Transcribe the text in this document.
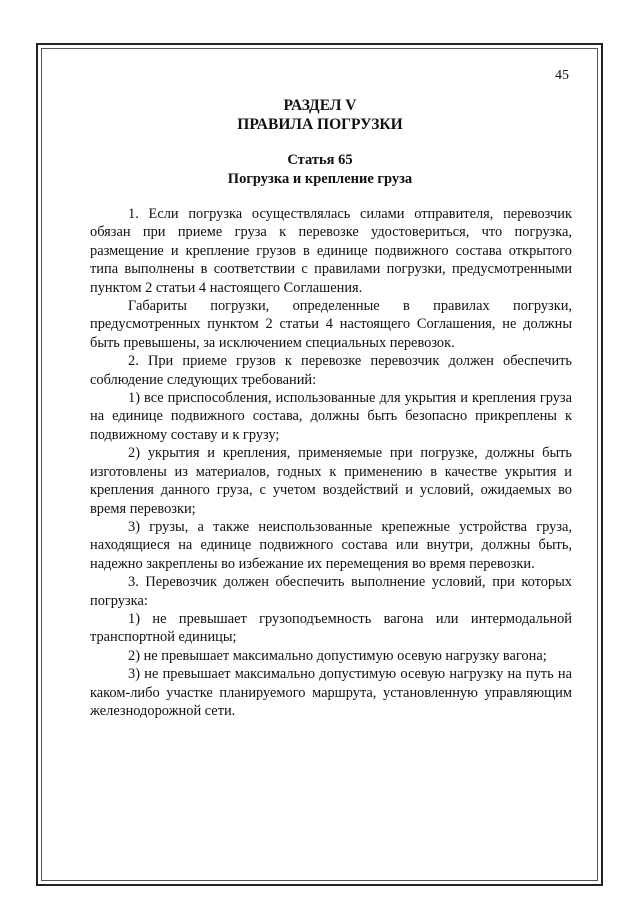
45
РАЗДЕЛ V
ПРАВИЛА ПОГРУЗКИ
Статья 65
Погрузка и крепление груза

1. Если погрузка осуществлялась силами отправителя, перевозчик обязан при приеме груза к перевозке удостовериться, что погрузка, размещение и крепление грузов в единице подвижного состава открытого типа выполнены в соответствии с правилами погрузки, предусмотренными пунктом 2 статьи 4 настоящего Соглашения.

Габариты погрузки, определенные в правилах погрузки, предусмотренных пунктом 2 статьи 4 настоящего Соглашения, не должны быть превышены, за исключением специальных перевозок.

2. При приеме грузов к перевозке перевозчик должен обеспечить соблюдение следующих требований:

1) все приспособления, использованные для укрытия и крепления груза на единице подвижного состава, должны быть безопасно прикреплены к подвижному составу и к грузу;

2) укрытия и крепления, применяемые при погрузке, должны быть изготовлены из материалов, годных к применению в качестве укрытия и крепления данного груза, с учетом воздействий и условий, ожидаемых во время перевозки;

3) грузы, а также неиспользованные крепежные устройства груза, находящиеся на единице подвижного состава или внутри, должны быть, надежно закреплены во избежание их перемещения во время перевозки.

3. Перевозчик должен обеспечить выполнение условий, при которых погрузка:

1) не превышает грузоподъемность вагона или интермодальной транспортной единицы;

2) не превышает максимально допустимую осевую нагрузку вагона;

3) не превышает максимально допустимую осевую нагрузку на путь на каком-либо участке планируемого маршрута, установленную управляющим железнодорожной сети.
